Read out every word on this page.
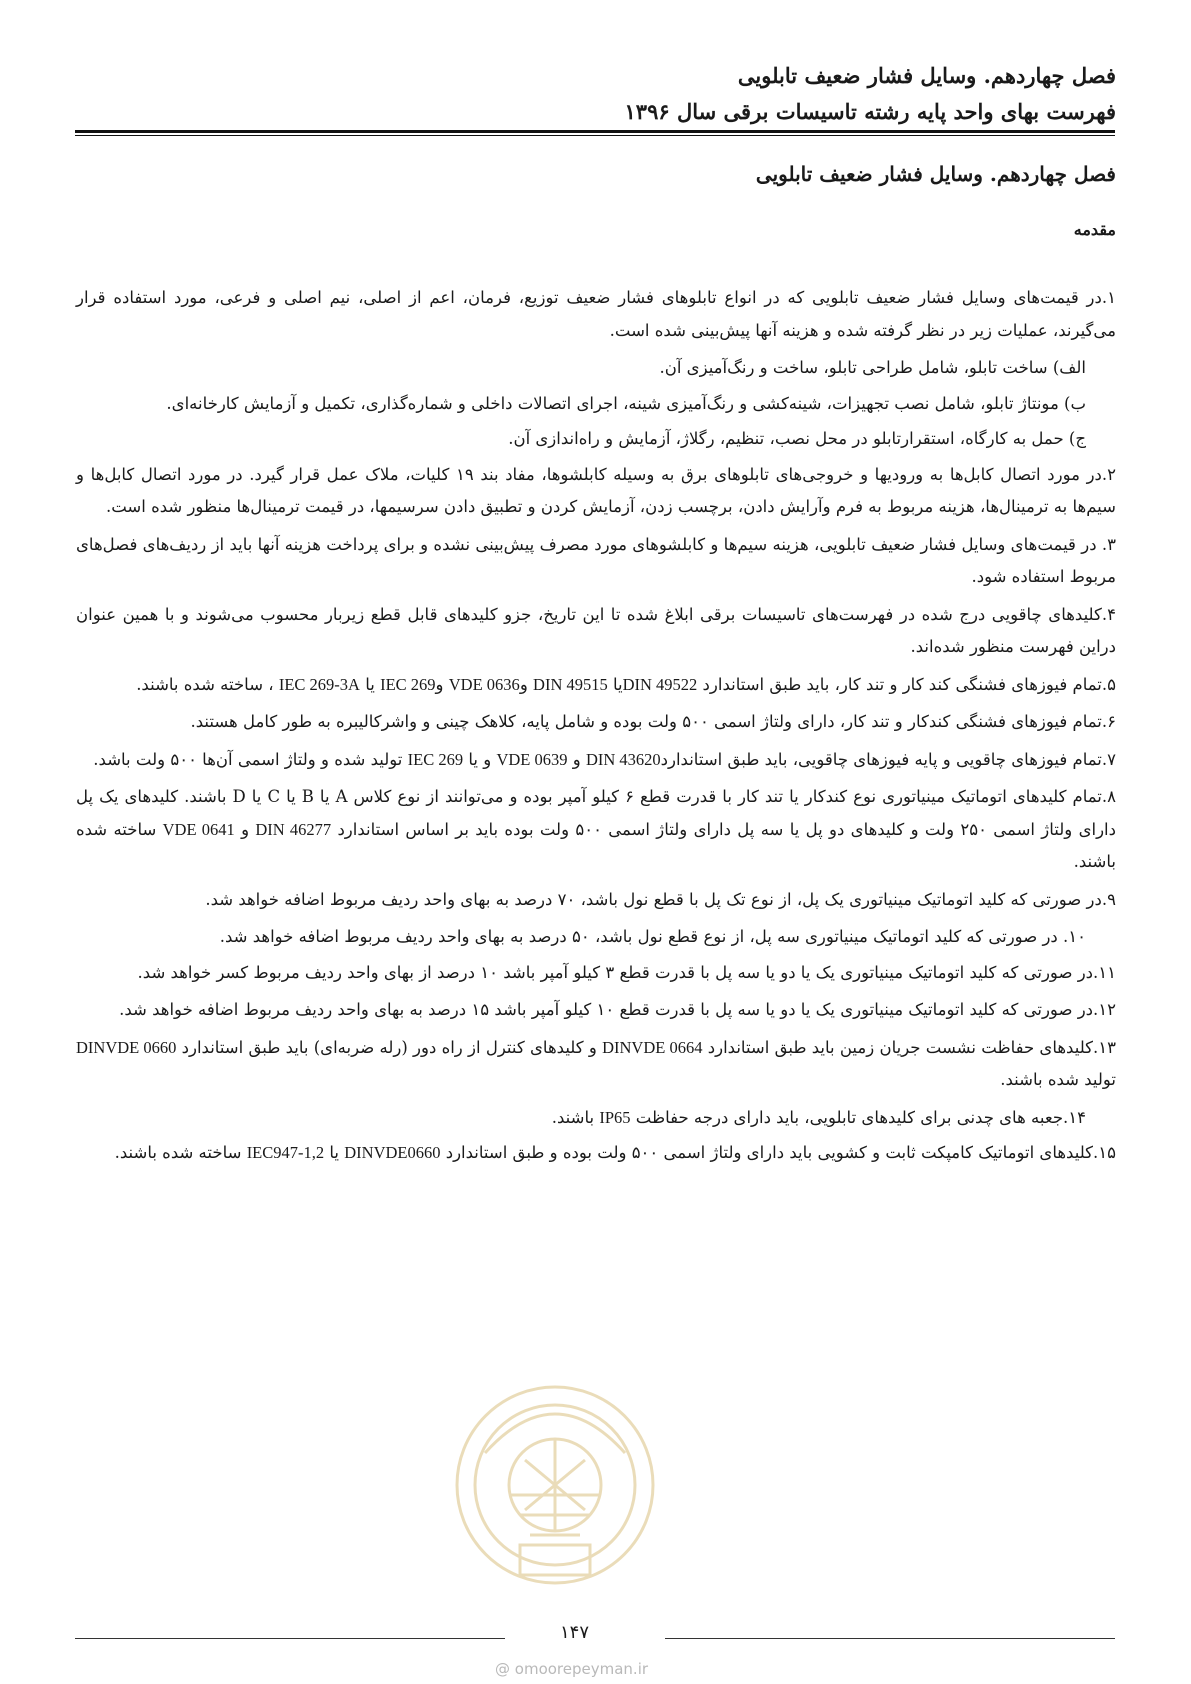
فصل چهاردهم. وسایل فشار ضعیف تابلویی
فهرست بهای واحد پایه رشته تاسیسات برقی سال ۱۳۹۶
فصل چهاردهم. وسایل فشار ضعیف تابلویی
مقدمه

۱.در قیمت‌های وسایل فشار ضعیف تابلویی که در انواع تابلوهای فشار ضعیف توزیع، فرمان، اعم از اصلی، نیم اصلی و فرعی، مورد استفاده قرار می‌گیرند، عملیات زیر در نظر گرفته شده و هزینه آنها پیش‌بینی شده است.

الف) ساخت تابلو، شامل طراحی تابلو، ساخت و رنگ‌آمیزی آن.

ب) مونتاژ تابلو، شامل نصب تجهیزات، شینه‌کشی و رنگ‌آمیزی شینه، اجرای اتصالات داخلی و شماره‌گذاری، تکمیل و آزمایش کارخانه‌ای.

ج) حمل به کارگاه، استقرارتابلو در محل نصب، تنظیم، رگلاژ، آزمایش و راه‌اندازی آن.

۲.در مورد اتصال کابل‌ها به ورودیها و خروجی‌های تابلوهای برق به وسیله کابلشوها، مفاد بند ۱۹ کلیات، ملاک عمل قرار گیرد. در مورد اتصال کابل‌ها و سیم‌ها به ترمینال‌ها، هزینه مربوط به فرم وآرایش دادن، برچسب زدن، آزمایش کردن و تطبیق دادن سرسیمها، در قیمت ترمینال‌ها منظور شده است.

۳. در قیمت‌های وسایل فشار ضعیف تابلویی، هزینه سیم‌ها و کابلشوهای مورد مصرف پیش‌بینی نشده و برای پرداخت هزینه آنها باید از ردیف‌های فصل‌های مربوط استفاده شود.

۴.کلیدهای چاقویی درج شده در فهرست‌های تاسیسات برقی ابلاغ شده تا این تاریخ، جزو کلیدهای قابل قطع زیربار محسوب می‌شوند و با همین عنوان دراین فهرست منظور شده‌اند.

۵.تمام فیوزهای فشنگی کند کار و تند کار، باید طبق استاندارد DIN 49522یا DIN 49515 وVDE 0636 وIEC 269 یا IEC 269-3A ، ساخته شده باشند.

۶.تمام فیوزهای فشنگی کندکار و تند کار، دارای ولتاژ اسمی ۵۰۰ ولت بوده و شامل پایه، کلاهک چینی و واشرکالیبره به طور کامل هستند.

۷.تمام فیوزهای چاقویی و پایه فیوزهای چاقویی، باید طبق استانداردDIN 43620 و VDE 0639 و یا IEC 269 تولید شده و ولتاژ اسمی آن‌ها ۵۰۰ ولت باشد.

۸.تمام کلیدهای اتوماتیک مینیاتوری نوع کندکار یا تند کار با قدرت قطع ۶ کیلو آمپر بوده و می‌توانند از نوع کلاس A یا B یا C یا D باشند. کلیدهای یک پل دارای ولتاژ اسمی ۲۵۰ ولت و کلیدهای دو پل یا سه پل دارای ولتاژ اسمی ۵۰۰ ولت بوده باید بر اساس استاندارد DIN 46277 و VDE 0641 ساخته شده باشند.

۹.در صورتی که کلید اتوماتیک مینیاتوری یک پل، از نوع تک پل با قطع نول باشد، ۷۰ درصد به بهای واحد ردیف مربوط اضافه خواهد شد.

۱۰. در صورتی که کلید اتوماتیک مینیاتوری سه پل، از نوع قطع نول باشد، ۵۰ درصد به بهای واحد ردیف مربوط اضافه خواهد شد.

۱۱.در صورتی که کلید اتوماتیک مینیاتوری یک یا دو یا سه پل با قدرت قطع ۳ کیلو آمپر باشد ۱۰ درصد از بهای واحد ردیف مربوط کسر خواهد شد.

۱۲.در صورتی که کلید اتوماتیک مینیاتوری یک یا دو یا سه پل با قدرت قطع ۱۰ کیلو آمپر باشد ۱۵ درصد به بهای واحد ردیف مربوط اضافه خواهد شد.

۱۳.کلیدهای حفاظت نشست جریان زمین باید طبق استاندارد DINVDE 0664 و کلیدهای کنترل از راه دور (رله ضربه‌ای) باید طبق استاندارد DINVDE 0660 تولید شده باشند.

۱۴.جعبه های چدنی برای کلیدهای تابلویی، باید دارای درجه حفاظت IP65 باشند.

۱۵.کلیدهای اتوماتیک کامپکت ثابت و کشویی باید دارای ولتاژ اسمی ۵۰۰ ولت بوده و طبق استاندارد DINVDE0660 یا IEC947-1,2 ساخته شده باشند.

۱۴۷
@ omoorepeyman.ir
